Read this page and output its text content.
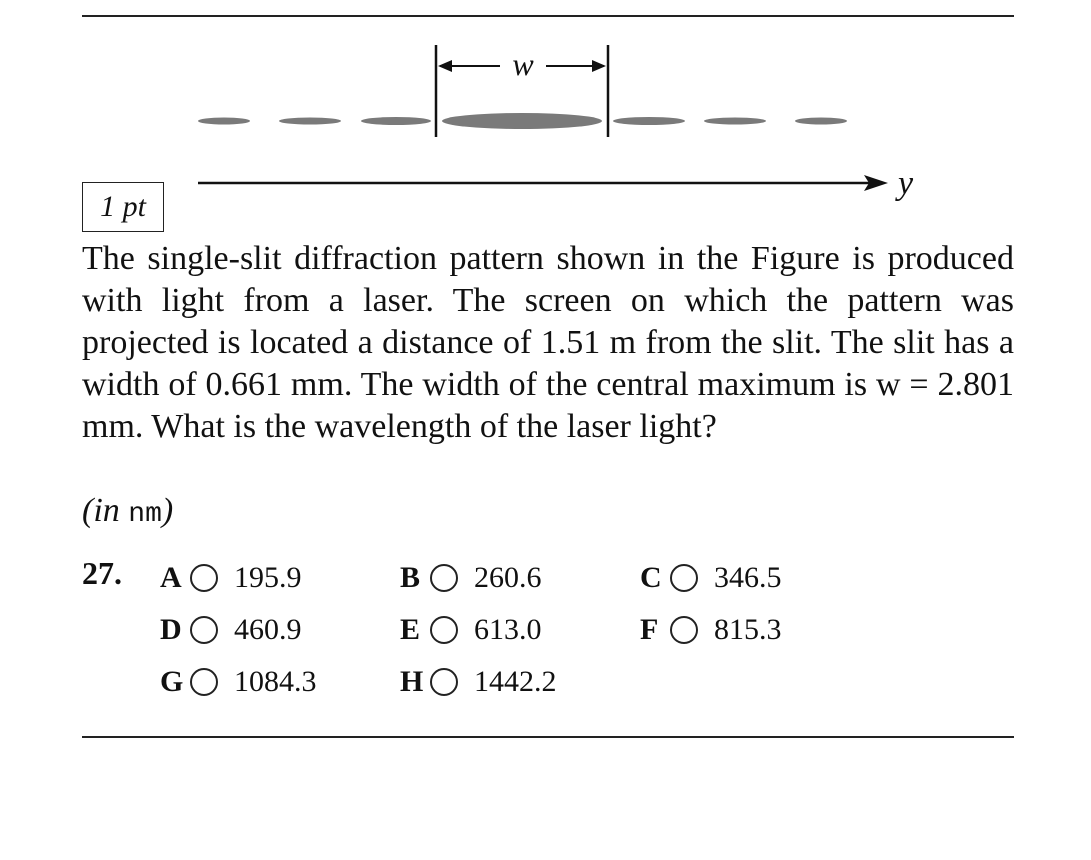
w
y
1 pt

The single-slit diffraction pattern shown in the Figure is produced with light from a laser. The screen on which the pattern was projected is located a distance of 1.51 m from the slit. The slit has a width of 0.661 mm. The width of the central maximum is w = 2.801 mm. What is the wavelength of the laser light?

(in nm)
27. A 195.9	B 260.6	C 346.5
D 460.9	E 613.0	F	815.3
G 1084.3	H 1442.2
